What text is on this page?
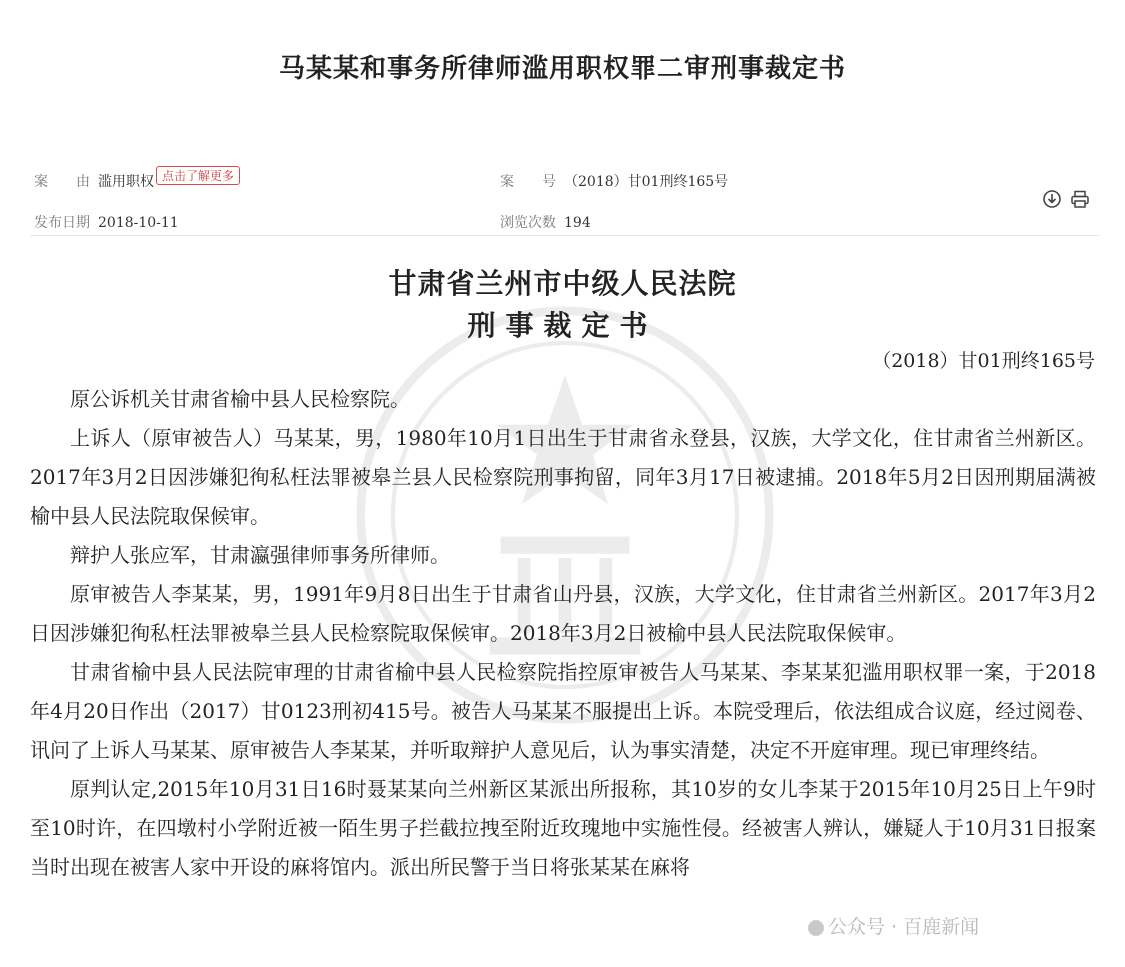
马某某和事务所律师滥用职权罪二审刑事裁定书
案　　由 滥用职权 点击了解更多	案　　号 （2018）甘01刑终165号
发布日期 2018-10-11	浏览次数 194
甘肃省兰州市中级人民法院
刑事裁定书
（2018）甘01刑终165号

原公诉机关甘肃省榆中县人民检察院。

上诉人（原审被告人）马某某，男，1980年10月1日出生于甘肃省永登县，汉族，大学文化，住甘肃省兰州新区。2017年3月2日因涉嫌犯徇私枉法罪被皋兰县人民检察院刑事拘留，同年3月17日被逮捕。2018年5月2日因刑期届满被榆中县人民法院取保候审。

辩护人张应军，甘肃瀛强律师事务所律师。

原审被告人李某某，男，1991年9月8日出生于甘肃省山丹县，汉族，大学文化，住甘肃省兰州新区。2017年3月2日因涉嫌犯徇私枉法罪被皋兰县人民检察院取保候审。2018年3月2日被榆中县人民法院取保候审。

甘肃省榆中县人民法院审理的甘肃省榆中县人民检察院指控原审被告人马某某、李某某犯滥用职权罪一案，于2018年4月20日作出（2017）甘0123刑初415号。被告人马某某不服提出上诉。本院受理后，依法组成合议庭，经过阅卷、讯问了上诉人马某某、原审被告人李某某，并听取辩护人意见后，认为事实清楚，决定不开庭审理。现已审理终结。

原判认定,2015年10月31日16时聂某某向兰州新区某派出所报称，其10岁的女儿李某于2015年10月25日上午9时至10时许，在四墩村小学附近被一陌生男子拦截拉拽至附近玫瑰地中实施性侵。经被害人辨认，嫌疑人于10月31日报案当时出现在被害人家中开设的麻将馆内。派出所民警于当日将张某某在麻将

公众号 · 百鹿新闻
